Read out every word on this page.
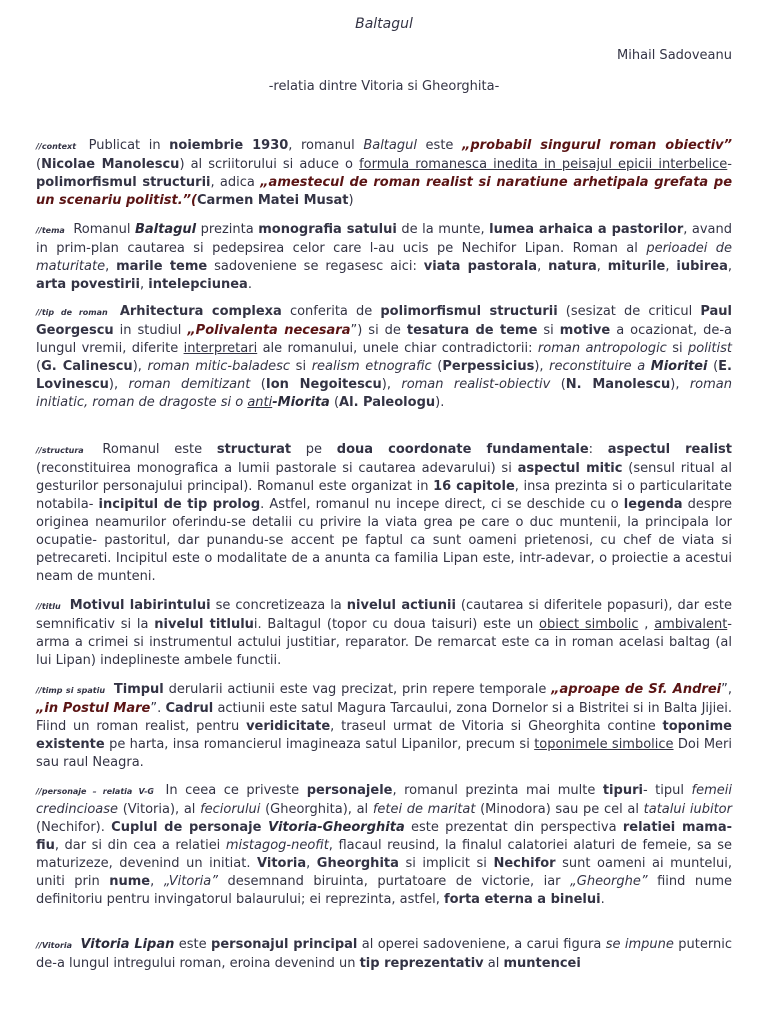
Baltagul
Mihail Sadoveanu
-relatia dintre Vitoria si Gheorghita-
//context Publicat in noiembrie 1930, romanul Baltagul este „probabil singurul roman obiectiv” (Nicolae Manolescu) al scriitorului si aduce o formula romanesca inedita in peisajul epicii interbelice- polimorfismul structurii, adica „amestecul de roman realist si naratiune arhetipala grefata pe un scenariu politist.”(Carmen Matei Musat)
//tema Romanul Baltagul prezinta monografia satului de la munte, lumea arhaica a pastorilor, avand in prim-plan cautarea si pedepsirea celor care l-au ucis pe Nechifor Lipan. Roman al perioadei de maturitate, marile teme sadoveniene se regasesc aici: viata pastorala, natura, miturile, iubirea, arta povestirii, intelepciunea.
//tip de roman Arhitectura complexa conferita de polimorfismul structurii (sesizat de criticul Paul Georgescu in studiul „Polivalenta necesara”) si de tesatura de teme si motive a ocazionat, de-a lungul vremii, diferite interpretari ale romanului, unele chiar contradictorii: roman antropologic si politist (G. Calinescu), roman mitic-baladesc si realism etnografic (Perpessicius), reconstituire a Mioritei (E. Lovinescu), roman demitizant (Ion Negoitescu), roman realist-obiectiv (N. Manolescu), roman initiatic, roman de dragoste si o anti-Miorita (Al. Paleologu).
//structura Romanul este structurat pe doua coordonate fundamentale: aspectul realist (reconstituirea monografica a lumii pastorale si cautarea adevarului) si aspectul mitic (sensul ritual al gesturilor personajului principal). Romanul este organizat in 16 capitole, insa prezinta si o particularitate notabila- incipitul de tip prolog. Astfel, romanul nu incepe direct, ci se deschide cu o legenda despre originea neamurilor oferindu-se detalii cu privire la viata grea pe care o duc muntenii, la principala lor ocupatie- pastoritul, dar punandu-se accent pe faptul ca sunt oameni prietenosi, cu chef de viata si petrecareti. Incipitul este o modalitate de a anunta ca familia Lipan este, intr-adevar, o proiectie a acestui neam de munteni.
//titlu Motivul labirintului se concretizeaza la nivelul actiunii (cautarea si diferitele popasuri), dar este semnificativ si la nivelul titlului. Baltagul (topor cu doua taisuri) este un obiect simbolic , ambivalent- arma a crimei si instrumentul actului justitiar, reparator. De remarcat este ca in roman acelasi baltag (al lui Lipan) indeplineste ambele functii.
//timp si spatiu Timpul derularii actiunii este vag precizat, prin repere temporale „aproape de Sf. Andrei”, „in Postul Mare”. Cadrul actiunii este satul Magura Tarcaului, zona Dornelor si a Bistritei si in Balta Jijiei. Fiind un roman realist, pentru veridicitate, traseul urmat de Vitoria si Gheorghita contine toponime existente pe harta, insa romancierul imagineaza satul Lipanilor, precum si toponimele simbolice Doi Meri sau raul Neagra.
//personaje – relatia V-G In ceea ce priveste personajele, romanul prezinta mai multe tipuri- tipul femeii credincioase (Vitoria), al feciorului (Gheorghita), al fetei de maritat (Minodora) sau pe cel al tatalui iubitor (Nechifor). Cuplul de personaje Vitoria-Gheorghita este prezentat din perspectiva relatiei mama-fiu, dar si din cea a relatiei mistagog-neofit, flacaul reusind, la finalul calatoriei alaturi de femeie, sa se maturizeze, devenind un initiat. Vitoria, Gheorghita si implicit si Nechifor sunt oameni ai muntelui, uniti prin nume, „Vitoria” desemnand biruinta, purtatoare de victorie, iar „Gheorghe” fiind nume definitoriu pentru invingatorul balaurului; ei reprezinta, astfel, forta eterna a binelui.
//Vitoria Vitoria Lipan este personajul principal al operei sadoveniene, a carui figura se impune puternic de-a lungul intregului roman, eroina devenind un tip reprezentativ al muntencei
